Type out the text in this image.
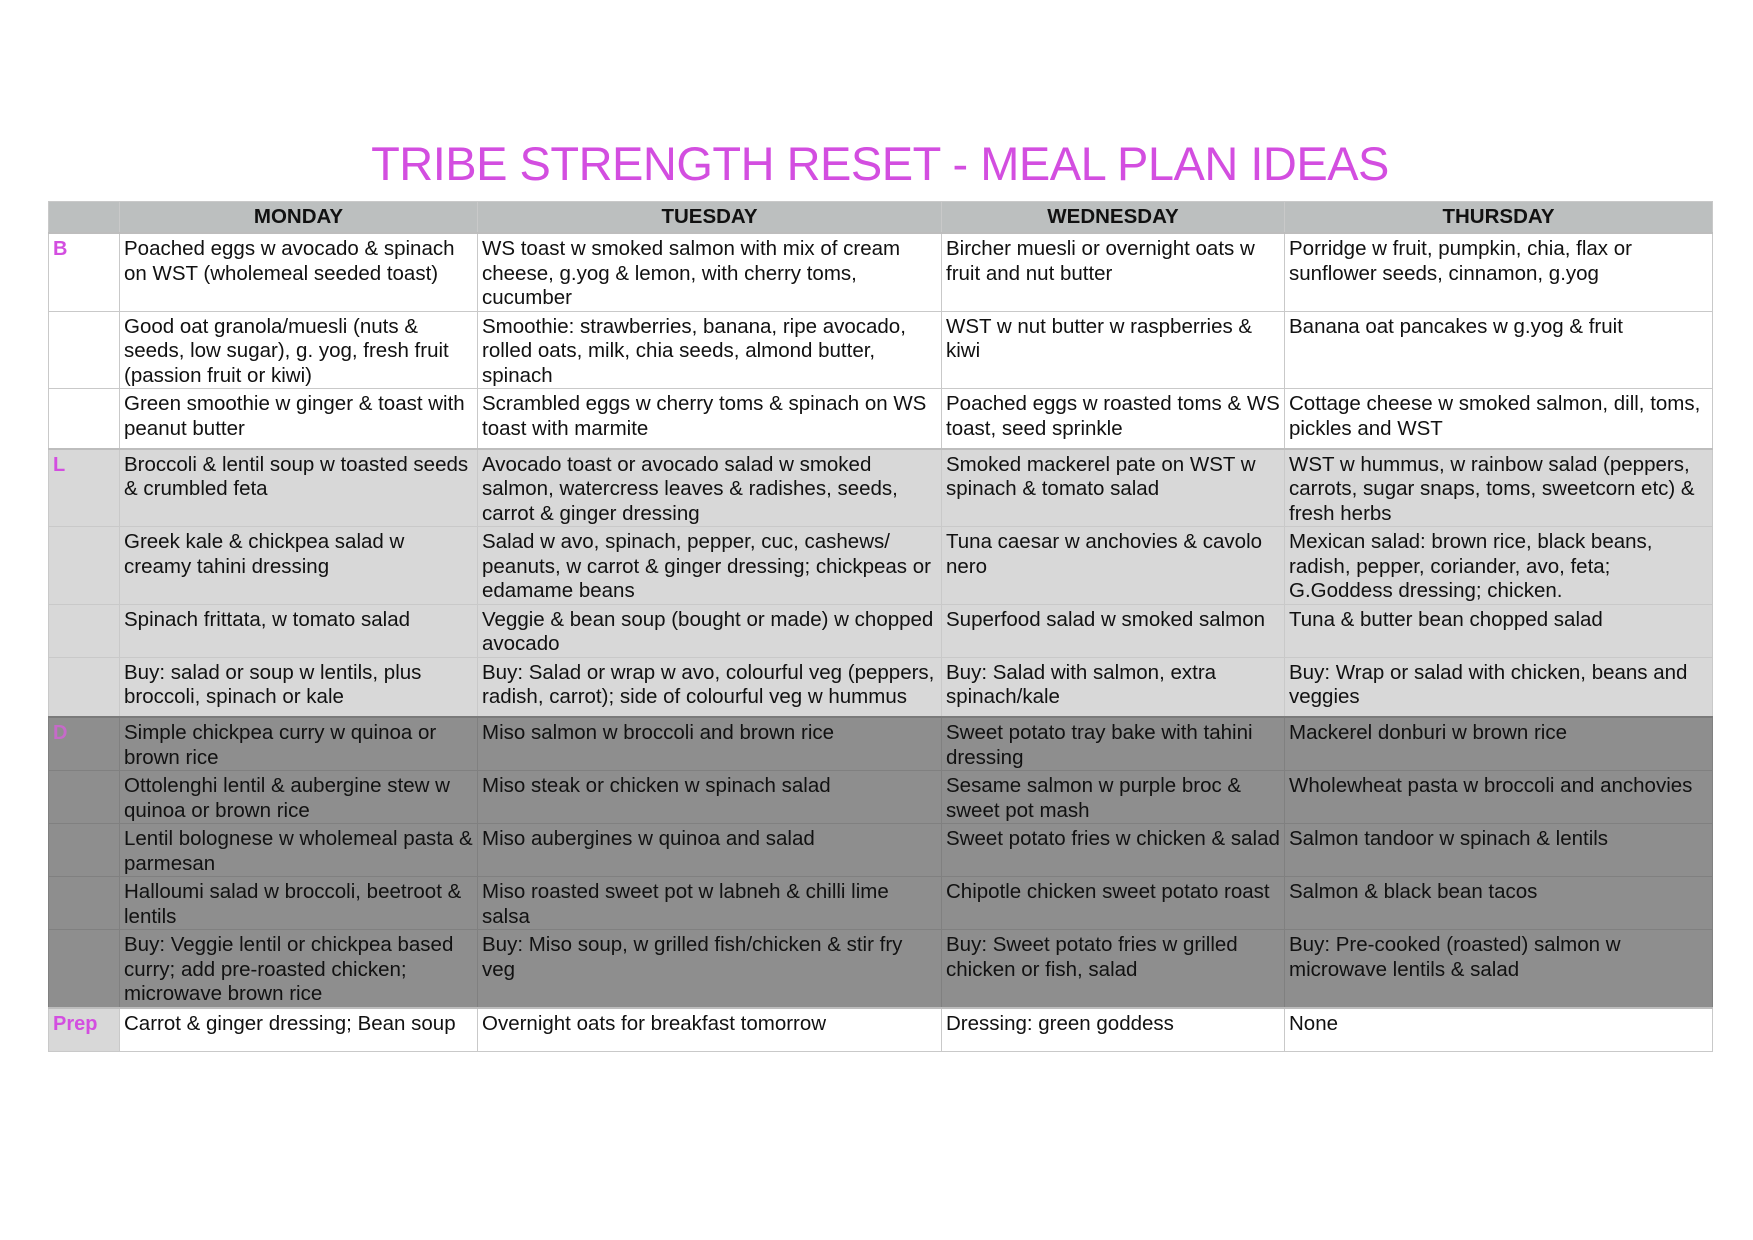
TRIBE STRENGTH RESET - MEAL PLAN IDEAS
	MONDAY	TUESDAY	WEDNESDAY	THURSDAY
B	Poached eggs w avocado & spinach on WST (wholemeal seeded toast)	WS toast w smoked salmon with mix of cream cheese, g.yog & lemon, with cherry toms, cucumber	Bircher muesli or overnight oats w fruit and nut butter	Porridge w fruit, pumpkin, chia, flax or sunflower seeds, cinnamon, g.yog
	Good oat granola/muesli (nuts & seeds, low sugar), g. yog, fresh fruit (passion fruit or kiwi)	Smoothie: strawberries, banana, ripe avocado, rolled oats, milk, chia seeds, almond butter, spinach	WST w nut butter w raspberries & kiwi	Banana oat pancakes w g.yog & fruit
	Green smoothie w ginger & toast with peanut butter	Scrambled eggs w cherry toms & spinach on WS toast with marmite	Poached eggs w roasted toms & WS toast, seed sprinkle	Cottage cheese w smoked salmon, dill, toms, pickles and WST
L	Broccoli & lentil soup w toasted seeds & crumbled feta	Avocado toast or avocado salad w smoked salmon, watercress leaves & radishes, seeds, carrot & ginger dressing	Smoked mackerel pate on WST w spinach & tomato salad	WST w hummus, w rainbow salad (peppers, carrots, sugar snaps, toms, sweetcorn etc) & fresh herbs
	Greek kale & chickpea salad w creamy tahini dressing	Salad w avo, spinach, pepper, cuc, cashews/ peanuts, w carrot & ginger dressing; chickpeas or edamame beans	Tuna caesar w anchovies & cavolo nero	Mexican salad: brown rice, black beans, radish, pepper, coriander, avo, feta; G.Goddess dressing; chicken.
	Spinach frittata, w tomato salad	Veggie & bean soup (bought or made) w chopped avocado	Superfood salad w smoked salmon	Tuna & butter bean chopped salad
	Buy: salad or soup w lentils, plus broccoli, spinach or kale	Buy: Salad or wrap w avo, colourful veg (peppers, radish, carrot); side of colourful veg w hummus	Buy: Salad with salmon, extra spinach/kale	Buy: Wrap or salad with chicken, beans and veggies
D	Simple chickpea curry w quinoa or brown rice	Miso salmon w broccoli and brown rice	Sweet potato tray bake with tahini dressing	Mackerel donburi w brown rice
	Ottolenghi lentil & aubergine stew w quinoa or brown rice	Miso steak or chicken w spinach salad	Sesame salmon w purple broc & sweet pot mash	Wholewheat pasta w broccoli and anchovies
	Lentil bolognese w wholemeal pasta & parmesan	Miso aubergines w quinoa and salad	Sweet potato fries w chicken & salad	Salmon tandoor w spinach & lentils
	Halloumi salad w broccoli, beetroot & lentils	Miso roasted sweet pot w labneh & chilli lime salsa	Chipotle chicken sweet potato roast	Salmon & black bean tacos
	Buy: Veggie lentil or chickpea based curry; add pre-roasted chicken; microwave brown rice	Buy: Miso soup, w grilled fish/chicken & stir fry veg	Buy: Sweet potato fries w grilled chicken or fish, salad	Buy: Pre-cooked (roasted) salmon w microwave lentils & salad
Prep	Carrot & ginger dressing; Bean soup	Overnight oats for breakfast tomorrow	Dressing: green goddess	None
